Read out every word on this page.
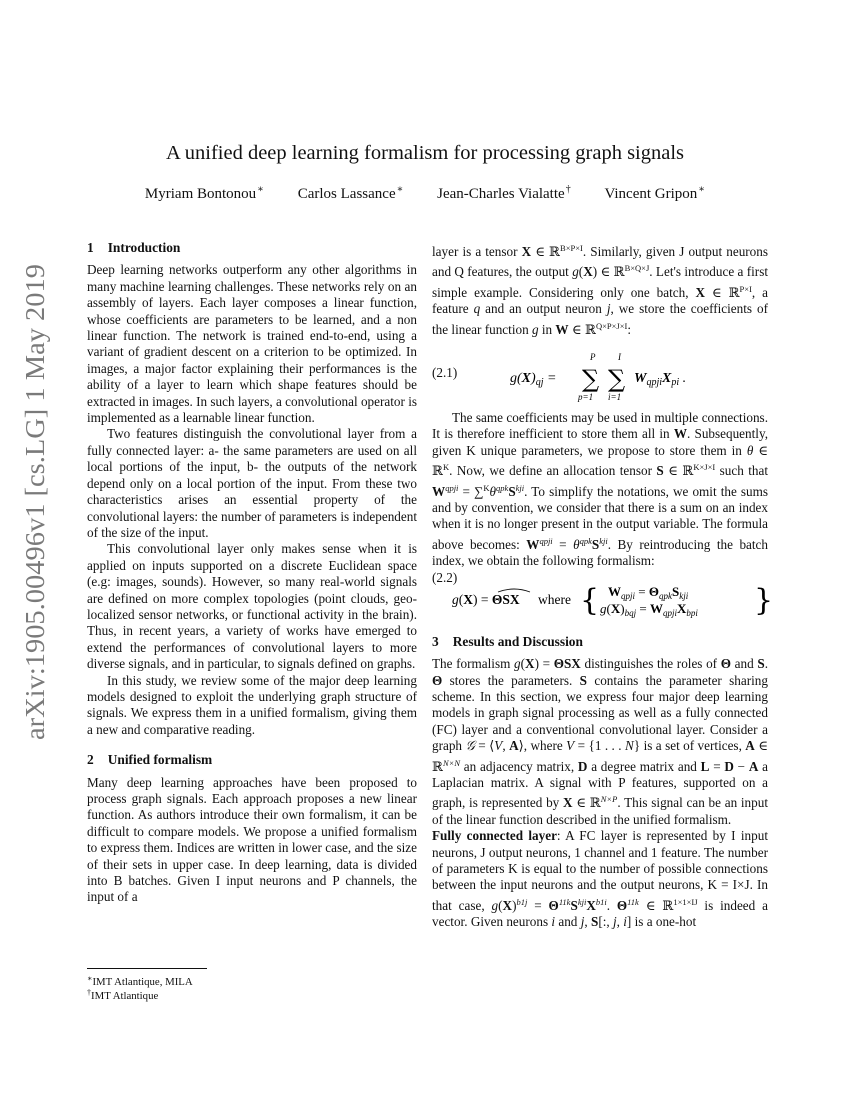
arXiv:1905.00496v1 [cs.LG] 1 May 2019
A unified deep learning formalism for processing graph signals
Myriam Bontonou∗ Carlos Lassance∗ Jean-Charles Vialatte† Vincent Gripon∗
1 Introduction

Deep learning networks outperform any other algorithms in many machine learning challenges. These networks rely on an assembly of layers. Each layer composes a linear function, whose coefficients are parameters to be learned, and a non linear function. The network is trained end-to-end, using a variant of gradient descent on a criterion to be optimized. In images, a major factor explaining their performances is the ability of a layer to learn which shape features should be extracted in images. In such layers, a convolutional operator is implemented as a learnable linear function.

Two features distinguish the convolutional layer from a fully connected layer: a- the same parameters are used on all local portions of the input, b- the outputs of the network depend only on a local portion of the input. From these two characteristics arises an essential property of the convolutional layers: the number of parameters is independent of the size of the input.

This convolutional layer only makes sense when it is applied on inputs supported on a discrete Euclidean space (e.g: images, sounds). However, so many real-world signals are defined on more complex topologies (point clouds, geo-localized sensor networks, or functional activity in the brain). Thus, in recent years, a variety of works have emerged to extend the performances of convolutional layers to more diverse signals, and in particular, to signals defined on graphs.

In this study, we review some of the major deep learning models designed to exploit the underlying graph structure of signals. We express them in a unified formalism, giving them a new and comparative reading.

2 Unified formalism

Many deep learning approaches have been proposed to process graph signals. Each approach proposes a new linear function. As authors introduce their own formalism, it can be difficult to compare models. We propose a unified formalism to express them. Indices are written in lower case, and the size of their sets in upper case. In deep learning, data is divided into B batches. Given I input neurons and P channels, the input of a

∗IMT Atlantique, MILA
†IMT Atlantique

layer is a tensor X ∈ ℝ$^{B\times P\times I}$. Similarly, given J output neurons and Q features, the output g(X) ∈ ℝ$^{B\times Q\times J}$. Let's introduce a first simple example. Considering only one batch, X ∈ ℝ$^{P\times I}$, a feature q and an output neuron j, we store the coefficients of the linear function g in W ∈ ℝ$^{Q\times P\times J\times I}$:

(2.1)	$g(X)_{qj}$ =
P
∑
p=1
I
∑
i=1
$W_{qpji}X_{pi}$ .

The same coefficients may be used in multiple connections. It is therefore inefficient to store them all in W. Subsequently, given K unique parameters, we propose to store them in θ ∈ ℝ$^K$. Now, we define an allocation tensor S ∈ ℝ$^{K\times J\times I}$ such that $W^{qpji} = \sum^K\theta^{qpk}S^{kji}$. To simplify the notations, we omit the sums and by convention, we consider that there is a sum on an index when it is no longer present in the output variable. The formula above becomes: $W^{qpji} = \theta^{qpk}S^{kji}$. By reintroducing the batch index, we obtain the following formalism:

(2.2)
g(X) = ΘSX where { $W_{qpji} = \Theta_{qpk}S_{kji}$
$g(X)_{bqj} = W_{qpji}X_{bpi}$ }
3 Results and Discussion

The formalism g(X) = ΘSX distinguishes the roles of Θ and S. Θ stores the parameters. S contains the parameter sharing scheme. In this section, we express four major deep learning models in graph signal processing as well as a fully connected (FC) layer and a conventional convolutional layer. Consider a graph 𝒢 = ⟨V, A⟩, where V = {1 . . . N} is a set of vertices, A ∈ ℝ$^{N\times N}$ an adjacency matrix, D a degree matrix and L = D − A a Laplacian matrix. A signal with P features, supported on a graph, is represented by X ∈ ℝ$^{N\times P}$. This signal can be an input of the linear function described in the unified formalism.

Fully connected layer: A FC layer is represented by I input neurons, J output neurons, 1 channel and 1 feature. The number of parameters K is equal to the number of possible connections between the input neurons and the output neurons, K = I×J. In that case, $g(X)^{b1j} = \Theta^{11k}S^{kji}X^{b1i}$. $\Theta^{11k}$ ∈ ℝ$^{1\times 1\times IJ}$ is indeed a vector. Given neurons i and j, S[:, j, i] is a one-hot
